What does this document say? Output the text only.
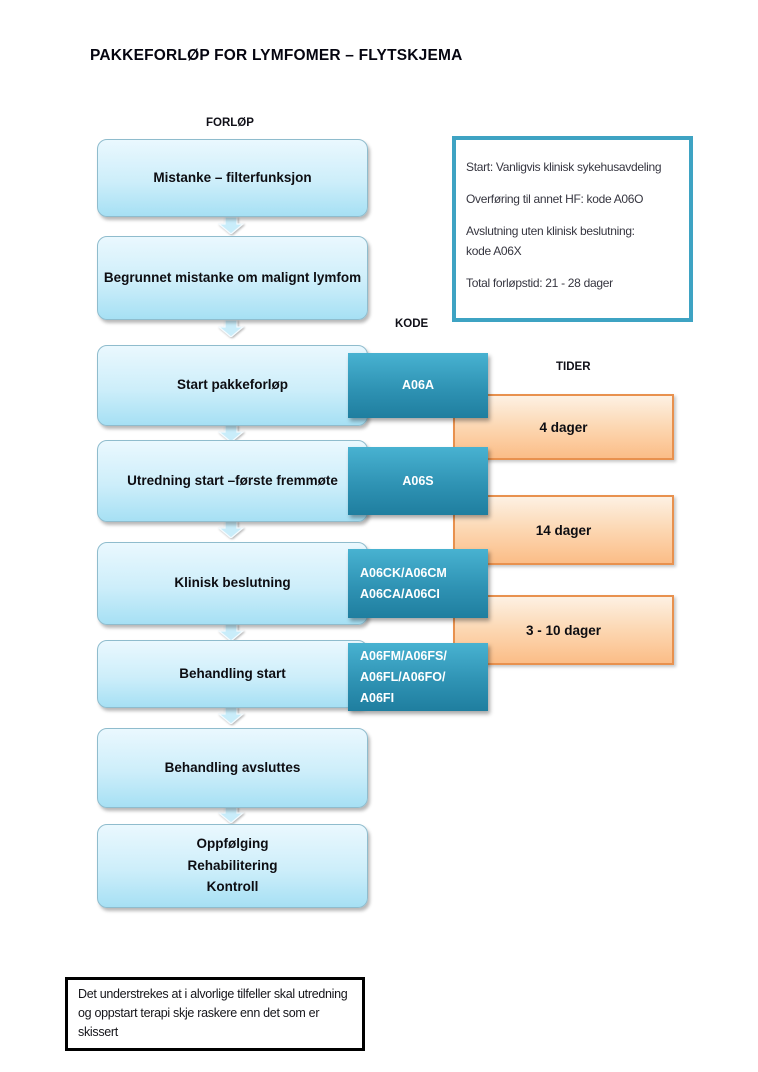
PAKKEFORLØP FOR LYMFOMER – FLYTSKJEMA
FORLØP
KODE
TIDER
Mistanke – filterfunksjon
Begrunnet mistanke om malignt lymfom
Start pakkeforløp
Utredning start –første fremmøte
Klinisk beslutning
Behandling start
Behandling avsluttes
Oppfølging
Rehabilitering
Kontroll
A06A
A06S
A06CK/A06CM
A06CA/A06CI
A06FM/A06FS/
A06FL/A06FO/
A06FI
4 dager
14 dager
3 - 10 dager

Start: Vanligvis klinisk sykehusavdeling

Overføring til annet HF: kode A06O

Avslutning uten klinisk beslutning:

kode A06X

Total forløpstid: 21 - 28 dager

Det understrekes at i alvorlige tilfeller skal utredning og oppstart terapi skje raskere enn det som er skissert
